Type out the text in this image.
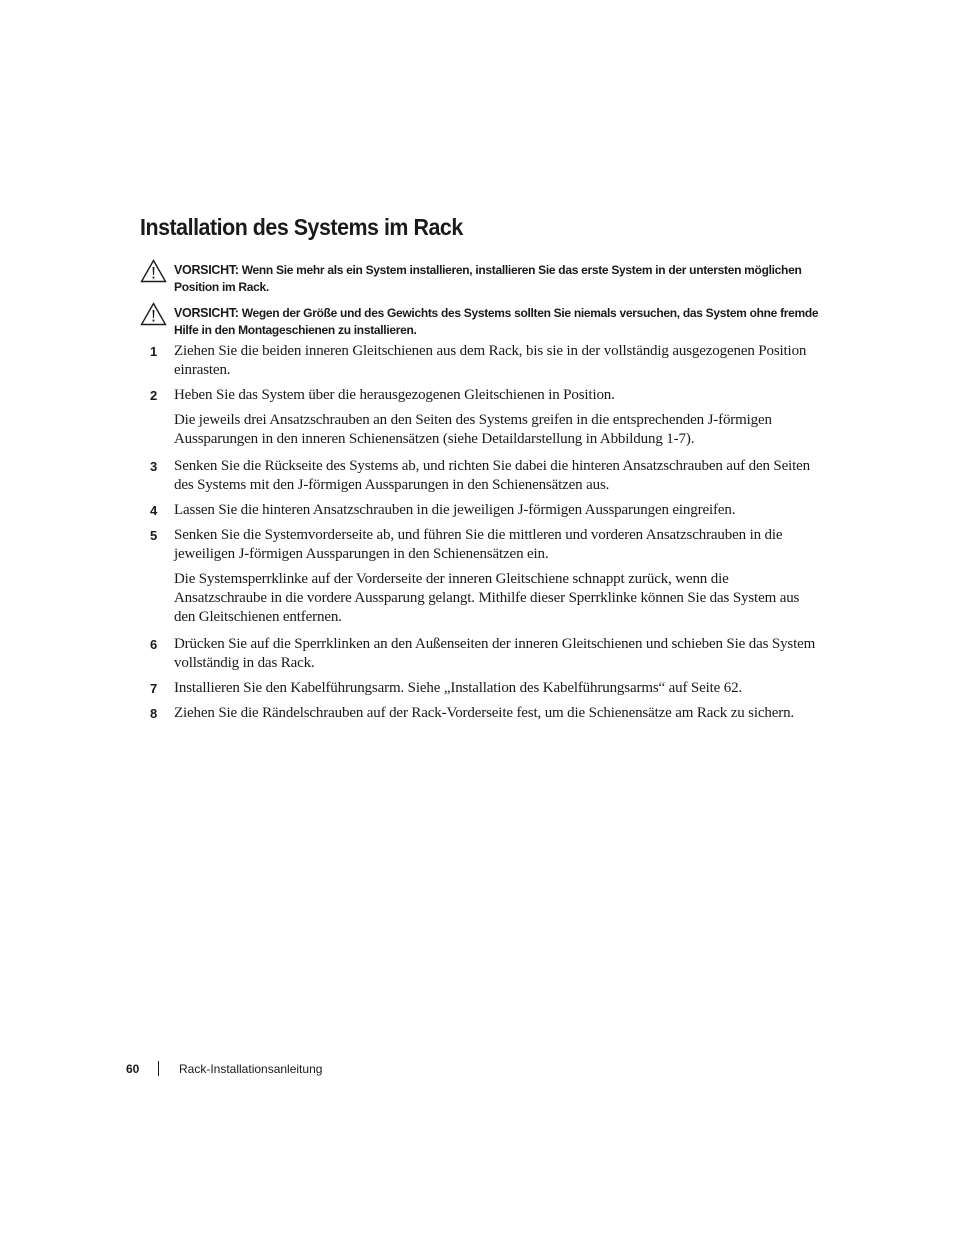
Installation des Systems im Rack

VORSICHT: Wenn Sie mehr als ein System installieren, installieren Sie das erste System in der untersten möglichen Position im Rack.

VORSICHT: Wegen der Größe und des Gewichts des Systems sollten Sie niemals versuchen, das System ohne fremde Hilfe in den Montageschienen zu installieren.

1 Ziehen Sie die beiden inneren Gleitschienen aus dem Rack, bis sie in der vollständig ausgezogenen Position einrasten.

2 Heben Sie das System über die herausgezogenen Gleitschienen in Position.

Die jeweils drei Ansatzschrauben an den Seiten des Systems greifen in die entsprechenden J-förmigen Aussparungen in den inneren Schienensätzen (siehe Detaildarstellung in Abbildung 1-7).

3 Senken Sie die Rückseite des Systems ab, und richten Sie dabei die hinteren Ansatzschrauben auf den Seiten des Systems mit den J-förmigen Aussparungen in den Schienensätzen aus.

4 Lassen Sie die hinteren Ansatzschrauben in die jeweiligen J-förmigen Aussparungen eingreifen.

5 Senken Sie die Systemvorderseite ab, und führen Sie die mittleren und vorderen Ansatzschrauben in die jeweiligen J-förmigen Aussparungen in den Schienensätzen ein.

Die Systemsperrklinke auf der Vorderseite der inneren Gleitschiene schnappt zurück, wenn die Ansatzschraube in die vordere Aussparung gelangt. Mithilfe dieser Sperrklinke können Sie das System aus den Gleitschienen entfernen.

6 Drücken Sie auf die Sperrklinken an den Außenseiten der inneren Gleitschienen und schieben Sie das System vollständig in das Rack.

7 Installieren Sie den Kabelführungsarm. Siehe „Installation des Kabelführungsarms“ auf Seite 62.

8 Ziehen Sie die Rändelschrauben auf der Rack-Vorderseite fest, um die Schienensätze am Rack zu sichern.

60	Rack-Installationsanleitung
